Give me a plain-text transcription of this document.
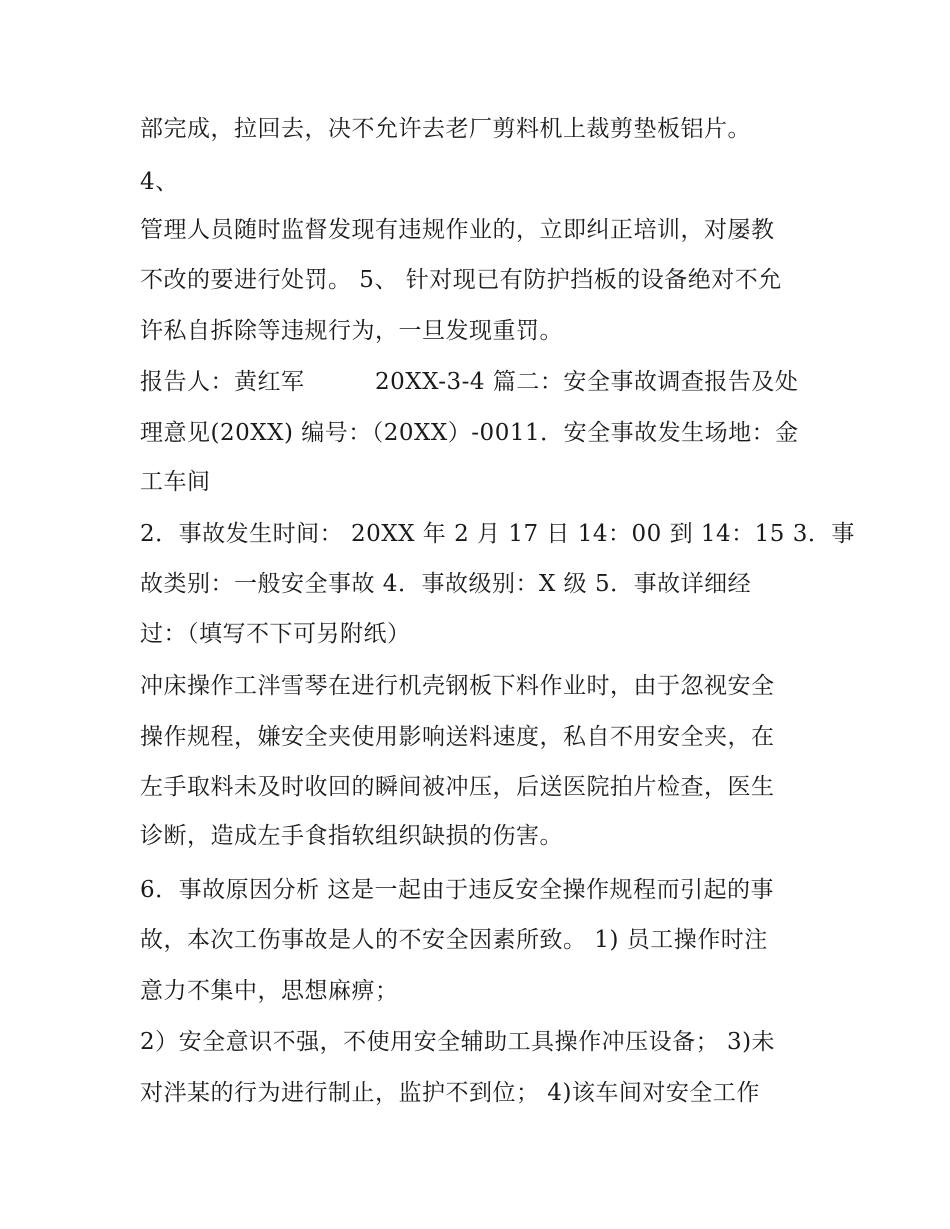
部完成，拉回去，决不允许去老厂剪料机上裁剪垫板铝片。

4、

管理人员随时监督发现有违规作业的，立即纠正培训，对屡教

不改的要进行处罚。 5、 针对现已有防护挡板的设备绝对不允

许私自拆除等违规行为，一旦发现重罚。

报告人：黄红军　　　20XX-3-4 篇二：安全事故调查报告及处

理意见(20XX) 编号：（20XX）-0011．安全事故发生场地：金

工车间

2．事故发生时间： 20XX 年 2 月 17 日 14：00 到 14：15 3．事

故类别：一般安全事故 4．事故级别：X 级 5．事故详细经

过：（填写不下可另附纸）

冲床操作工泮雪琴在进行机壳钢板下料作业时，由于忽视安全

操作规程，嫌安全夹使用影响送料速度，私自不用安全夹，在

左手取料未及时收回的瞬间被冲压，后送医院拍片检查，医生

诊断，造成左手食指软组织缺损的伤害。

6．事故原因分析 这是一起由于违反安全操作规程而引起的事

故，本次工伤事故是人的不安全因素所致。 1) 员工操作时注

意力不集中，思想麻痹；

2）安全意识不强，不使用安全辅助工具操作冲压设备； 3)未

对泮某的行为进行制止，监护不到位； 4)该车间对安全工作
